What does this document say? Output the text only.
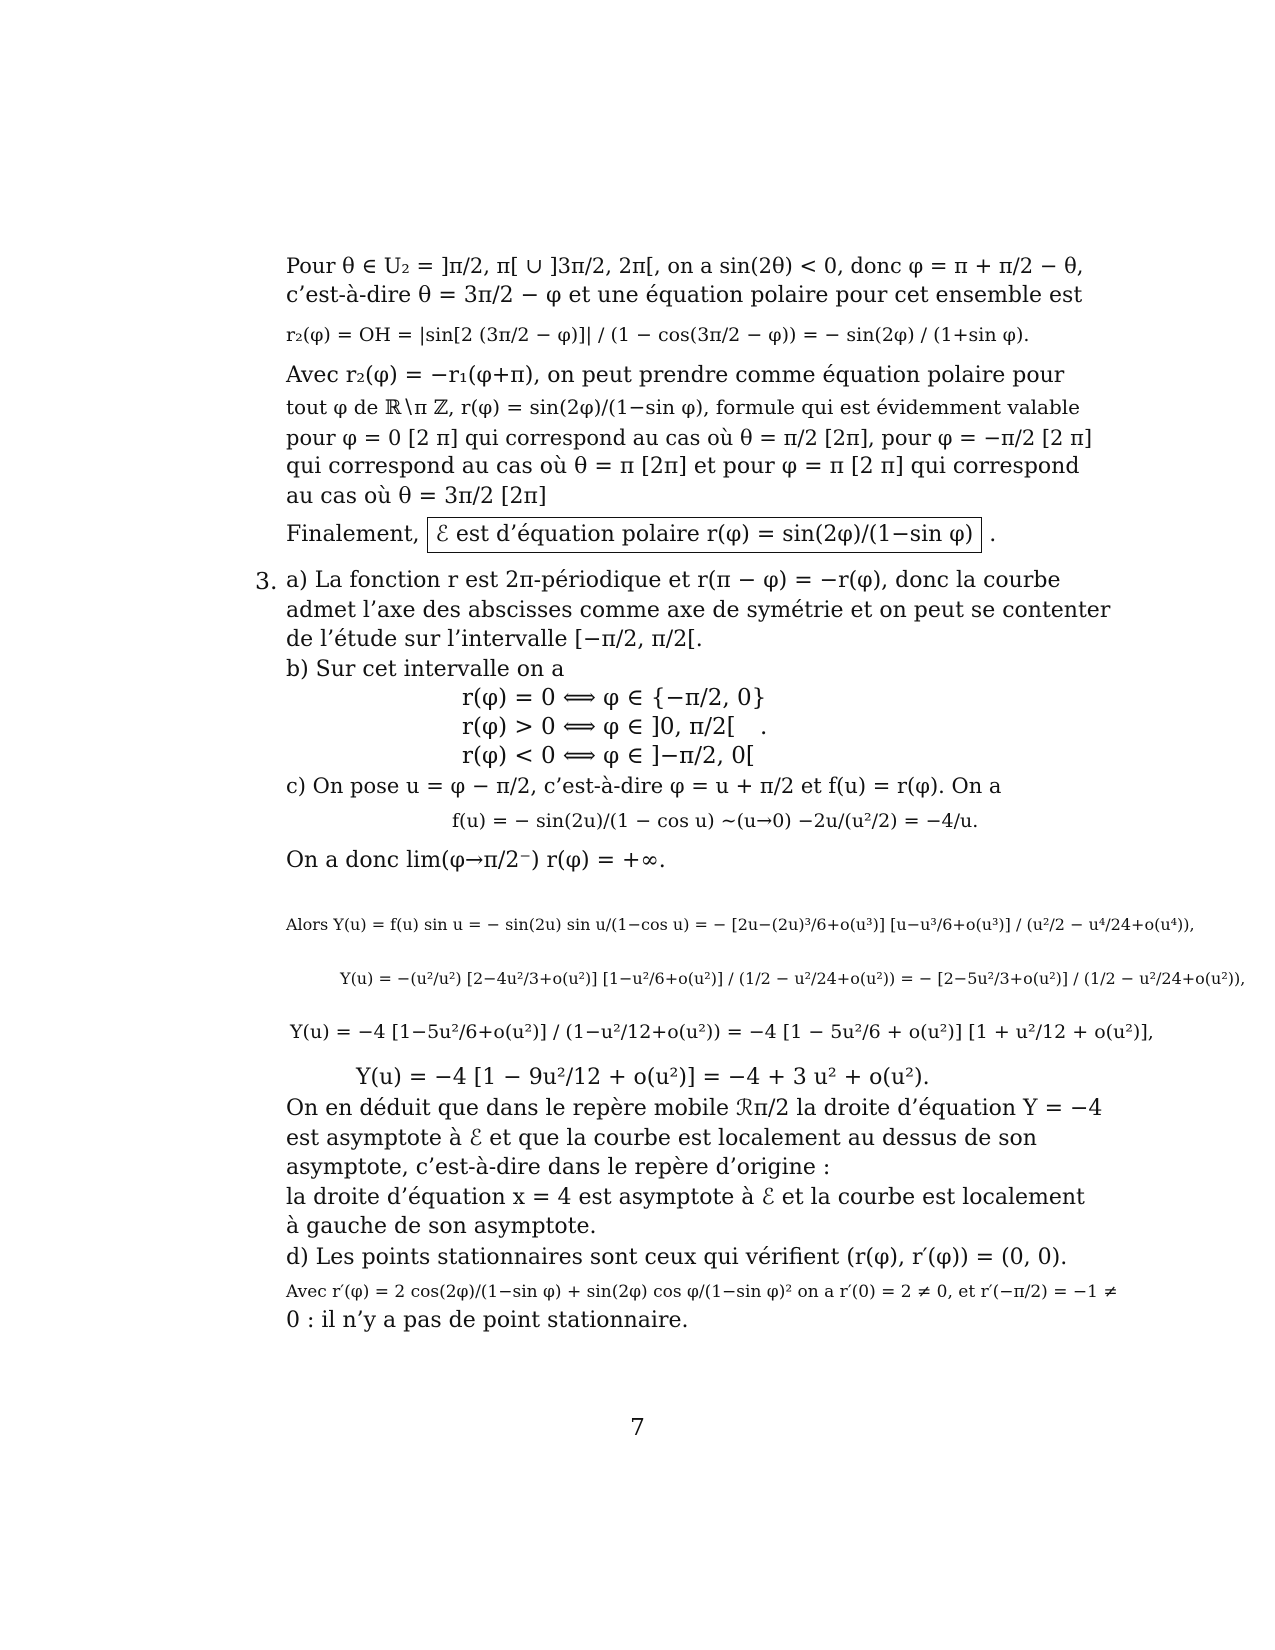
Pour θ ∈ U₂ = ]π/2, π[ ∪ ]3π/2, 2π[, on a sin(2θ) < 0, donc φ = π + π/2 − θ,
c’est-à-dire θ = 3π/2 − φ et une équation polaire pour cet ensemble est
r₂(φ) = OH = |sin[2 (3π/2 − φ)]| / (1 − cos(3π/2 − φ)) = − sin(2φ) / (1+sin φ).
Avec r₂(φ) = −r₁(φ+π), on peut prendre comme équation polaire pour
tout φ de ℝ∖π ℤ, r(φ) = sin(2φ)/(1−sin φ), formule qui est évidemment valable
pour φ = 0 [2 π] qui correspond au cas où θ = π/2 [2π], pour φ = −π/2 [2 π]
qui correspond au cas où θ = π [2π] et pour φ = π [2 π] qui correspond
au cas où θ = 3π/2 [2π]
Finalement, ℰ est d’équation polaire r(φ) = sin(2φ)/(1−sin φ) .
3. a) La fonction r est 2π-périodique et r(π − φ) = −r(φ), donc la courbe
admet l’axe des abscisses comme axe de symétrie et on peut se contenter
de l’étude sur l’intervalle [−π/2, π/2[.
b) Sur cet intervalle on a
r(φ) = 0 ⟺ φ ∈ {−π/2, 0}
r(φ) > 0 ⟺ φ ∈ ]0, π/2[
r(φ) < 0 ⟺ φ ∈ ]−π/2, 0[
.
c) On pose u = φ − π/2, c’est-à-dire φ = u + π/2 et f(u) = r(φ). On a
f(u) = − sin(2u)/(1 − cos u) ∼(u→0) −2u/(u²/2) = −4/u.
On a donc lim(φ→π/2⁻) r(φ) = +∞.
Alors Y(u) = f(u) sin u = − sin(2u) sin u/(1−cos u) = − [2u−(2u)³/6+o(u³)] [u−u³/6+o(u³)] / (u²/2 − u⁴/24+o(u⁴)),
Y(u) = −(u²/u²) [2−4u²/3+o(u²)] [1−u²/6+o(u²)] / (1/2 − u²/24+o(u²)) = − [2−5u²/3+o(u²)] / (1/2 − u²/24+o(u²)),
Y(u) = −4 [1−5u²/6+o(u²)] / (1−u²/12+o(u²)) = −4 [1 − 5u²/6 + o(u²)] [1 + u²/12 + o(u²)],
Y(u) = −4 [1 − 9u²/12 + o(u²)] = −4 + 3 u² + o(u²).
On en déduit que dans le repère mobile ℛπ/2 la droite d’équation Y = −4
est asymptote à ℰ et que la courbe est localement au dessus de son
asymptote, c’est-à-dire dans le repère d’origine :
la droite d’équation x = 4 est asymptote à ℰ et la courbe est localement
à gauche de son asymptote.
d) Les points stationnaires sont ceux qui vérifient (r(φ), r′(φ)) = (0, 0).
Avec r′(φ) = 2 cos(2φ)/(1−sin φ) + sin(2φ) cos φ/(1−sin φ)² on a r′(0) = 2 ≠ 0, et r′(−π/2) = −1 ≠
0 : il n’y a pas de point stationnaire.
7
